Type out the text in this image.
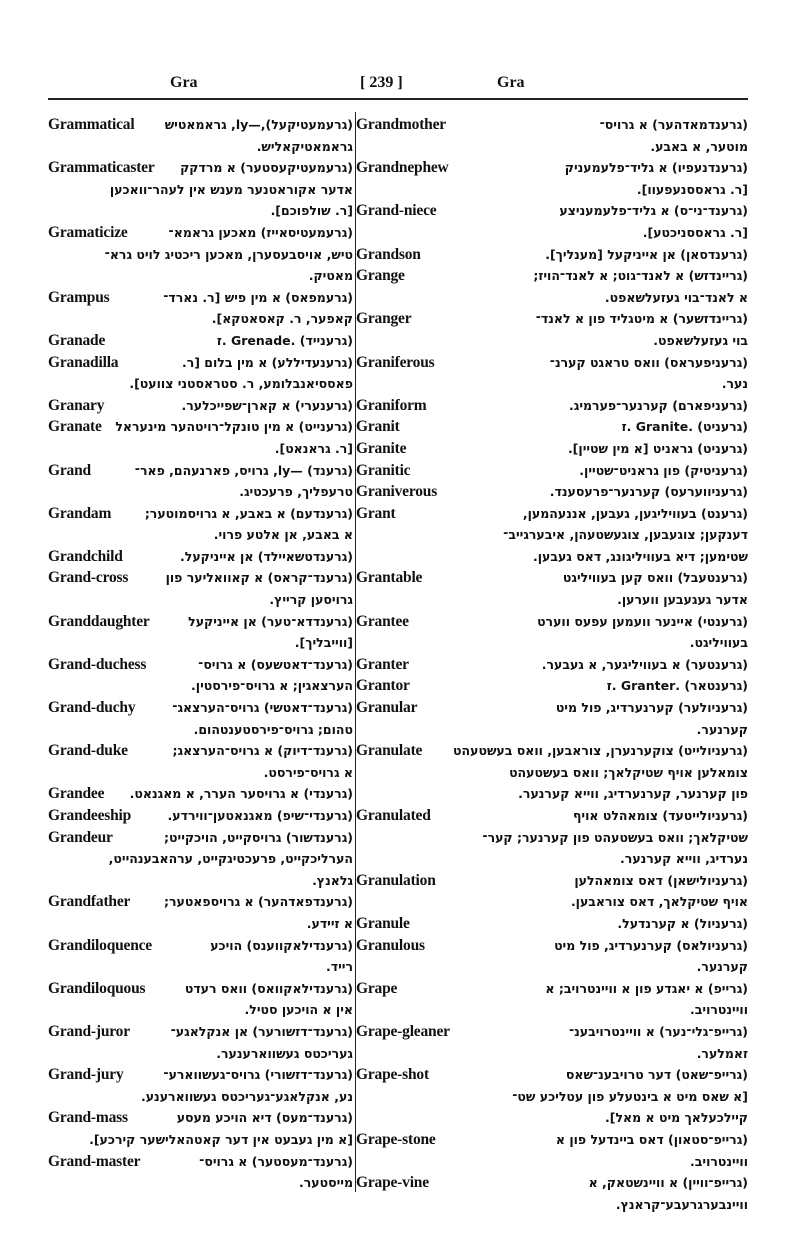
Gra	[ 239 ]	Gra
Grammatical (גרעמעטיקעל),—ly, גראמאטיש
גראמאטיקאליש.
Grammaticaster (גרעמעטיקעסטער) א מרדקק
אדער אקוראטנער מענש אין לעהר־וואכען
[ר. שולפוכם].
Gramaticize	(גרעמעטיסאייז) מאכען גראמא־
טיש, אויסבעסערן, מאכען ריכטיג לויט גרא־
מאטיק.
Grampus	(גרעמפאס) א מין פיש [ר. נארד־
קאפער, ר. קאסאטקא].
Granade	(גרענייד) .Grenade .ז
Granadilla	(גרענעדיללע) א מין בלום [ר.
פאססיאנבלומע, ר. סטראסטני צוועט].
Granary	(גרענערי) א קארן־שפייכלער.
Granate (גרענייט) א מין טונקל־רויטהער מינעראל
[ר. גראנאט].
Grand	(גרענד) —ly, גרויס, פארנעהם, פאר־
טרעפליך, פרעכטיג.
Grandam	(גרענדעם) א באבע, א גרויסמוטער;
א באבע, אן אלטע פרוי.
Grandchild	(גרענדטשאיילד) אן אייניקעל.
Grand-cross	(גרענד־קראס) א קאוואליער פון
גרויסען קרייץ.
Granddaughter	(גרענדדא־טער) אן אייניקעל
[ווייבליך].
Grand-duchess	(גרענד־דאטשעס) א גרויס־
הערצאגין; א גרויס־פירסטין.
Grand-duchy	(גרענד־דאטשי) גרויס־הערצאג־
טהום; גרויס־פירסטענטהום.
Grand-duke	(גרענד־דיוק) א גרויס־הערצאג;
א גרויס־פירסט.
Grandee (גרענדי) א גרויסער הערר, א מאגנאט.
Grandeeship	(גרענדי־שיפ) מאגנאטען־ווירדע.
Grandeur	(גרענדשור) גרויסקייט, הויכקייט;
הערליכקייט, פרעכטיגקייט, ערהאבענהייט,
גלאנץ.
Grandfather	(גרענדפאדהער) א גרויספאטער;
א זיידע.
Grandiloquence	(גרענדילאקווענס) הויכע
רייד.
Grandiloquous	(גרענדילאקוואס) וואס רעדט
אין א הויכען סטיל.
Grand-juror	(גרענד־דזשורער) אן אנקלאגע־
געריכטס געשווארענער.
Grand-jury	(גרענד־דזשורי) גרויס־געשווארע־
נע, אנקלאגע־געריכטס געשווארענע.
Grand-mass	(גרענד־מעס) דיא הויכע מעסע
[א מין געבעט אין דער קאטהאלישער קירכע].
Grand-master	(גרענד־מעסטער) א גרויס־
מייסטער.
Grandmother	(גרענדמאדהער) א גרויס־
מוטער, א באבע.
Grandnephew	(גרענדנעפיו) א גליד־פלעמעניק
[ר. גראססנעפעוו].
Grand-niece	(גרענד־ני־ס) א גליד־פלעמעניצע
[ר. גראססניכטע].
Grandson	(גרענדסאן) אן אייניקעל [מענליך].
Grange	(גריינדזש) א לאנד־גוט; א לאנד־הויז;
א לאנד־בוי געזעלשאפט.
Granger	(גריינדזשער) א מיטגליד פון א לאנד־
בוי געזעלשאפט.
Graniferous	(גרעניפעראס) וואס טראגט קערנ־
נער.
Graniform	(גרעניפארם) קערנער־פערמיג.
Granit	(גרעניט) .Granite .ז
Granite	(גרעניט) גראניט [א מין שטיין].
Granitic	(גרעניטיק) פון גראניט־שטיין.
Graniverous	(גרעניווערעס) קערנער־פרעסענד.
Grant	(גרענט) בעוויליגען, געבען, אננעהמען,
דענקען; צוגעבען, צוגעשטעהן, איבערגייב־
שטימען; דיא בעוויליגונג, דאס געבען.
Grantable	(גרענטעבל) וואס קען בעוויליגט
אדער געגעבען ווערען.
Grantee	(גרענטי) איינער וועמען עפעס ווערט
בעוויליגט.
Granter	(גרענטער) א בעוויליגער, א געבער.
Grantor	(גרענטאר) .Granter .ז
Granular	(גרעניולער) קערנערדיג, פול מיט
קערנער.
Granulate (גרעניולייט) צוקערנערן, צוראבען, וואס בעשטעהט
צומאלען אויף שטיקלאך; וואס בעשטעהט
פון קערנער, קערנערדיג, ווייא קערנער.
Granulated	(גרעניולייטעד) צומאהלט אויף
שטיקלאך; וואס בעשטעהט פון קערנער; קער־
נערדיג, ווייא קערנער.
Granulation	(גרעניולישאן) דאס צומאהלען
אויף שטיקלאך, דאס צוראבען.
Granule	(גרעניול) א קערנדעל.
Granulous	(גרעניולאס) קערנערדיג, פול מיט
קערנער.
Grape	(גרייפ) א יאגדע פון א וויינטרויב; א
וויינטרויב.
Grape-gleaner	(גרייפ־גלי־נער) א וויינטרויבענ־
זאמלער.
Grape-shot	(גרייפ־שאט) דער טרויבענ־שאס
[א שאס מיט א בינטעלע פון עטליכע שט־
קיילכעלאך מיט א מאל].
Grape-stone	(גרייפ־סטאון) דאס ביינדעל פון א
וויינטרויב.
Grape-vine	(גרייפ־וויין) א וויינשטאק, א
וויינבערגרעבע־קראנץ.
